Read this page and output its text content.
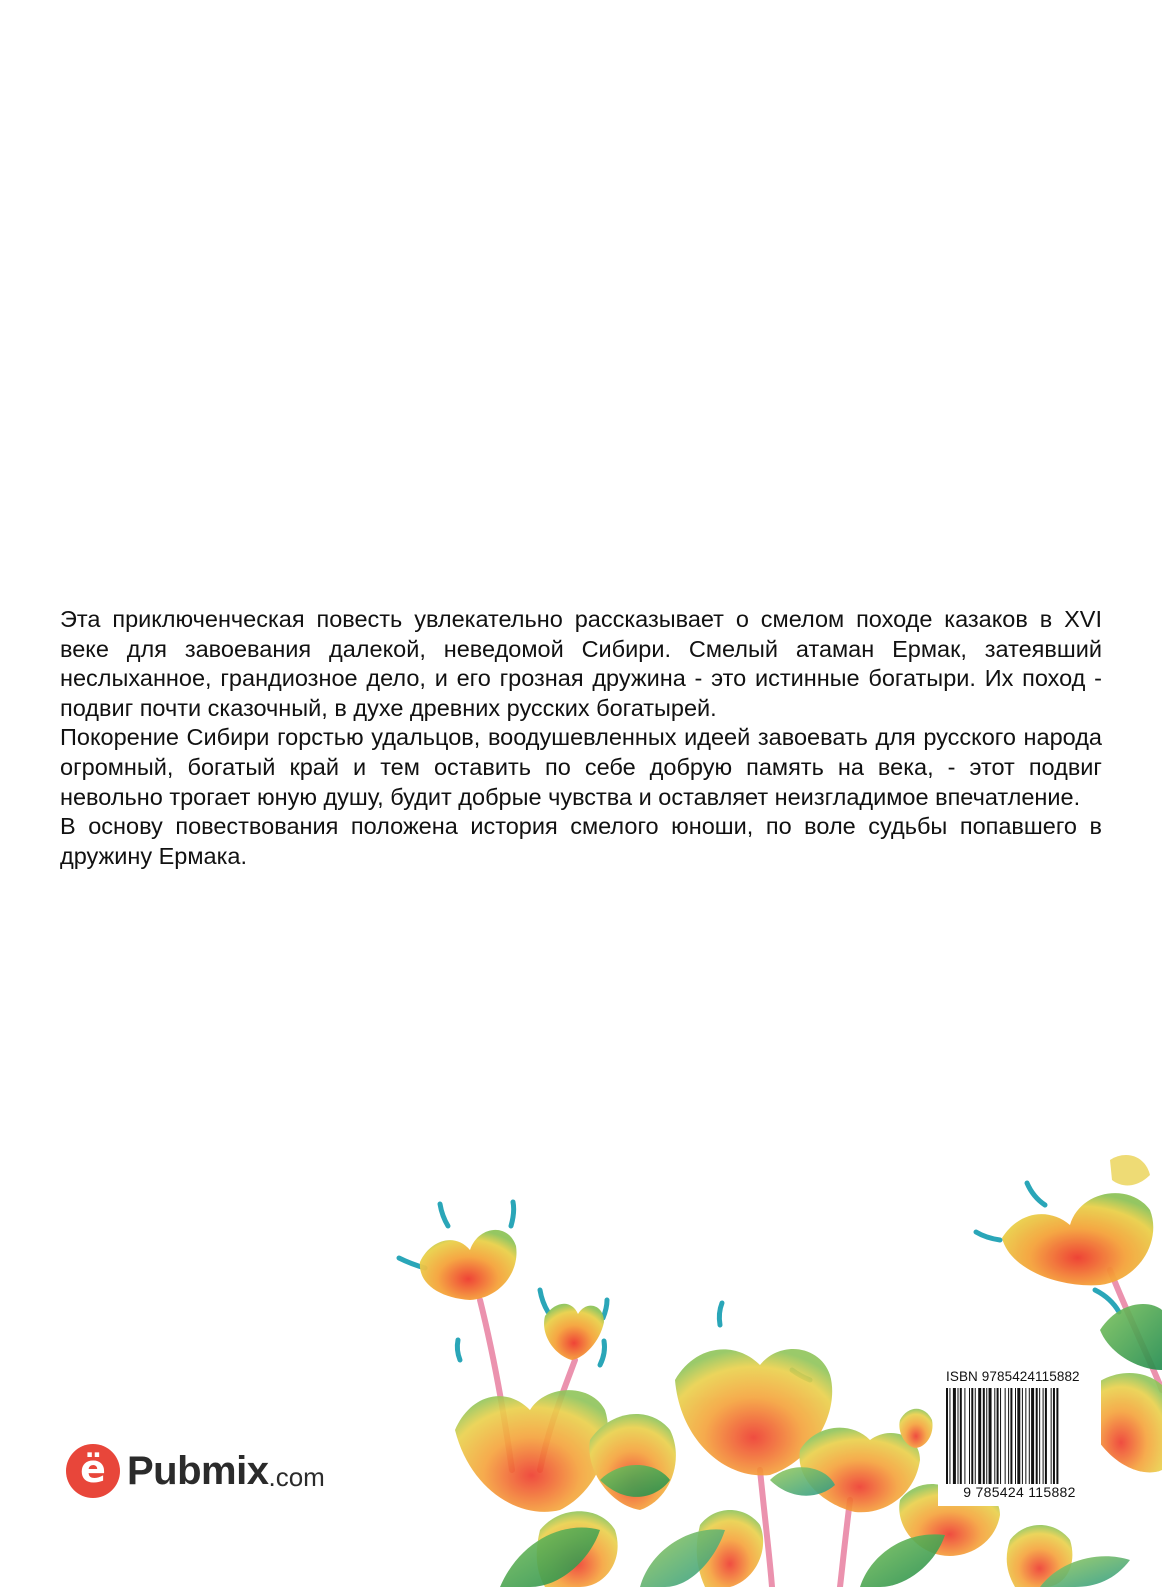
Эта приключенческая повесть увлекательно рассказывает о смелом походе казаков в XVI веке для завоевания далекой, неведомой Сибири. Смелый атаман Ермак, затеявший неслыханное, грандиозное дело, и его грозная дружина - это истинные богатыри. Их поход - подвиг почти сказочный, в духе древних русских богатырей.

Покорение Сибири горстью удальцов, воодушевленных идеей завоевать для русского народа огромный, богатый край и тем оставить по себе добрую память на века, - этот подвиг невольно трогает юную душу, будит добрые чувства и оставляет неизгладимое впечатление.

В основу повествования положена история смелого юноши, по воле судьбы попавшего в дружину Ермака.

ё Pubmix .com
ISBN 9785424115882
9 785424 115882
